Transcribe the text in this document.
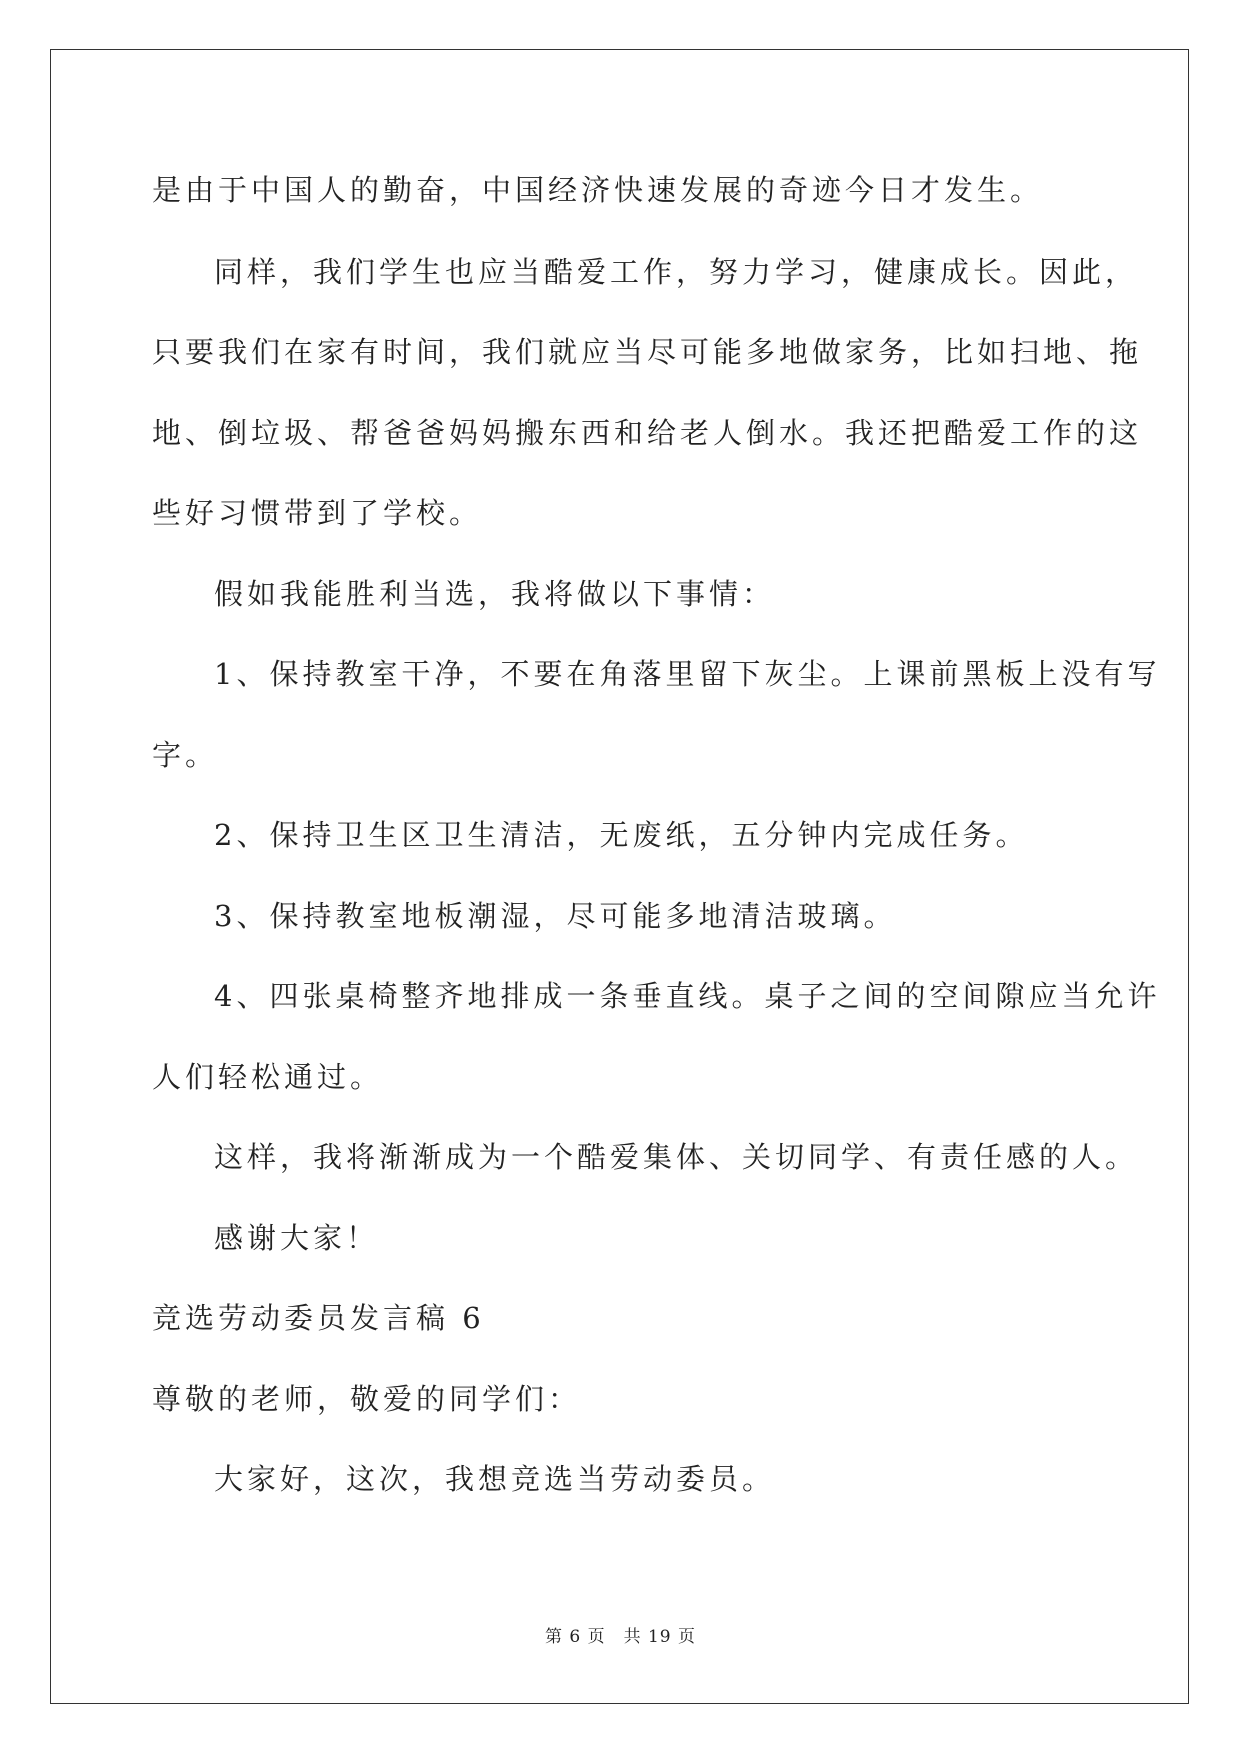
是由于中国人的勤奋，中国经济快速发展的奇迹今日才发生。
同样，我们学生也应当酷爱工作，努力学习，健康成长。因此，
只要我们在家有时间，我们就应当尽可能多地做家务，比如扫地、拖
地、倒垃圾、帮爸爸妈妈搬东西和给老人倒水。我还把酷爱工作的这
些好习惯带到了学校。
假如我能胜利当选，我将做以下事情：
1、保持教室干净，不要在角落里留下灰尘。上课前黑板上没有写
字。
2、保持卫生区卫生清洁，无废纸，五分钟内完成任务。
3、保持教室地板潮湿，尽可能多地清洁玻璃。
4、四张桌椅整齐地排成一条垂直线。桌子之间的空间隙应当允许
人们轻松通过。
这样，我将渐渐成为一个酷爱集体、关切同学、有责任感的人。
感谢大家！
竞选劳动委员发言稿 6
尊敬的老师，敬爱的同学们：
大家好，这次，我想竞选当劳动委员。
第 6 页　共 19 页
